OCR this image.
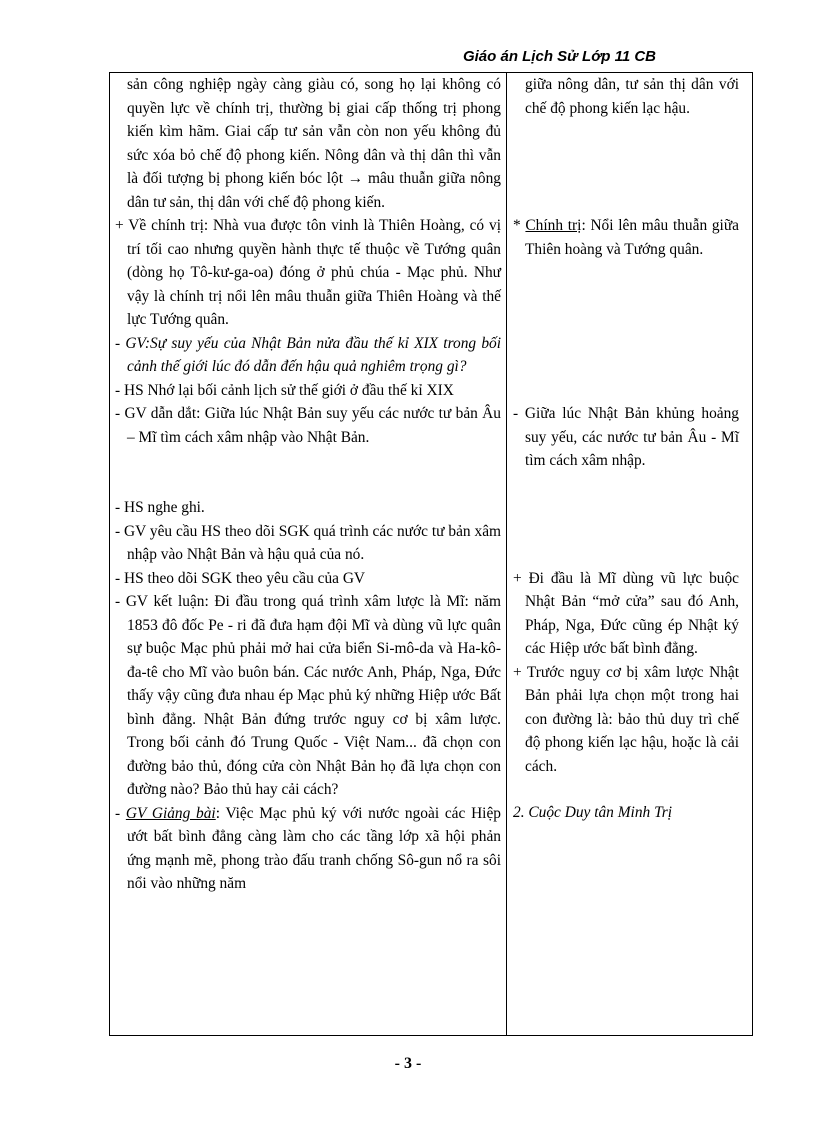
Giáo án Lịch Sử Lớp 11 CB

sản công nghiệp ngày càng giàu có, song họ lại không có quyền lực về chính trị, thường bị giai cấp thống trị phong kiến kìm hãm. Giai cấp tư sản vẫn còn non yếu không đủ sức xóa bỏ chế độ phong kiến. Nông dân và thị dân thì vẫn là đối tượng bị phong kiến bóc lột → mâu thuẫn giữa nông dân tư sản, thị dân với chế độ phong kiến.

+ Về chính trị: Nhà vua được tôn vinh là Thiên Hoàng, có vị trí tối cao nhưng quyền hành thực tế thuộc về Tướng quân (dòng họ Tô-kư-ga-oa) đóng ở phủ chúa - Mạc phủ. Như vậy là chính trị nổi lên mâu thuẫn giữa Thiên Hoàng và thế lực Tướng quân.

- GV:Sự suy yếu của Nhật Bản nửa đầu thế kỉ XIX trong bối cảnh thế giới lúc đó dẫn đến hậu quả nghiêm trọng gì?

- HS Nhớ lại bối cảnh lịch sử thế giới ở đầu thế kỉ XIX

- GV dẫn dắt: Giữa lúc Nhật Bản suy yếu các nước tư bản Âu – Mĩ tìm cách xâm nhập vào Nhật Bản.

- HS nghe ghi.

- GV yêu cầu HS theo dõi SGK quá trình các nước tư bản xâm nhập vào Nhật Bản và hậu quả của nó.

- HS theo dõi SGK theo yêu cầu của GV

- GV kết luận: Đi đầu trong quá trình xâm lược là Mĩ: năm 1853 đô đốc Pe - ri đã đưa hạm đội Mĩ và dùng vũ lực quân sự buộc Mạc phủ phải mở hai cửa biển Si-mô-da và Ha-kô-đa-tê cho Mĩ vào buôn bán. Các nước Anh, Pháp, Nga, Đức thấy vậy cũng đưa nhau ép Mạc phủ ký những Hiệp ước Bất bình đẳng. Nhật Bản đứng trước nguy cơ bị xâm lược. Trong bối cảnh đó Trung Quốc - Việt Nam... đã chọn con đường bảo thủ, đóng cửa còn Nhật Bản họ đã lựa chọn con đường nào? Bảo thủ hay cải cách?

- GV Giảng bài: Việc Mạc phủ ký với nước ngoài các Hiệp ướt bất bình đẳng càng làm cho các tầng lớp xã hội phản ứng mạnh mẽ, phong trào đấu tranh chống Sô-gun nổ ra sôi nổi vào những năm

giữa nông dân, tư sản thị dân với chế độ phong kiến lạc hậu.

* Chính trị: Nổi lên mâu thuẫn giữa Thiên hoàng và Tướng quân.

- Giữa lúc Nhật Bản khủng hoảng suy yếu, các nước tư bản Âu - Mĩ tìm cách xâm nhập.

+ Đi đầu là Mĩ dùng vũ lực buộc Nhật Bản “mở cửa” sau đó Anh, Pháp, Nga, Đức cũng ép Nhật ký các Hiệp ước bất bình đẳng.

+ Trước nguy cơ bị xâm lược Nhật Bản phải lựa chọn một trong hai con đường là: bảo thủ duy trì chế độ phong kiến lạc hậu, hoặc là cải cách.

2. Cuộc Duy tân Minh Trị

- 3 -
